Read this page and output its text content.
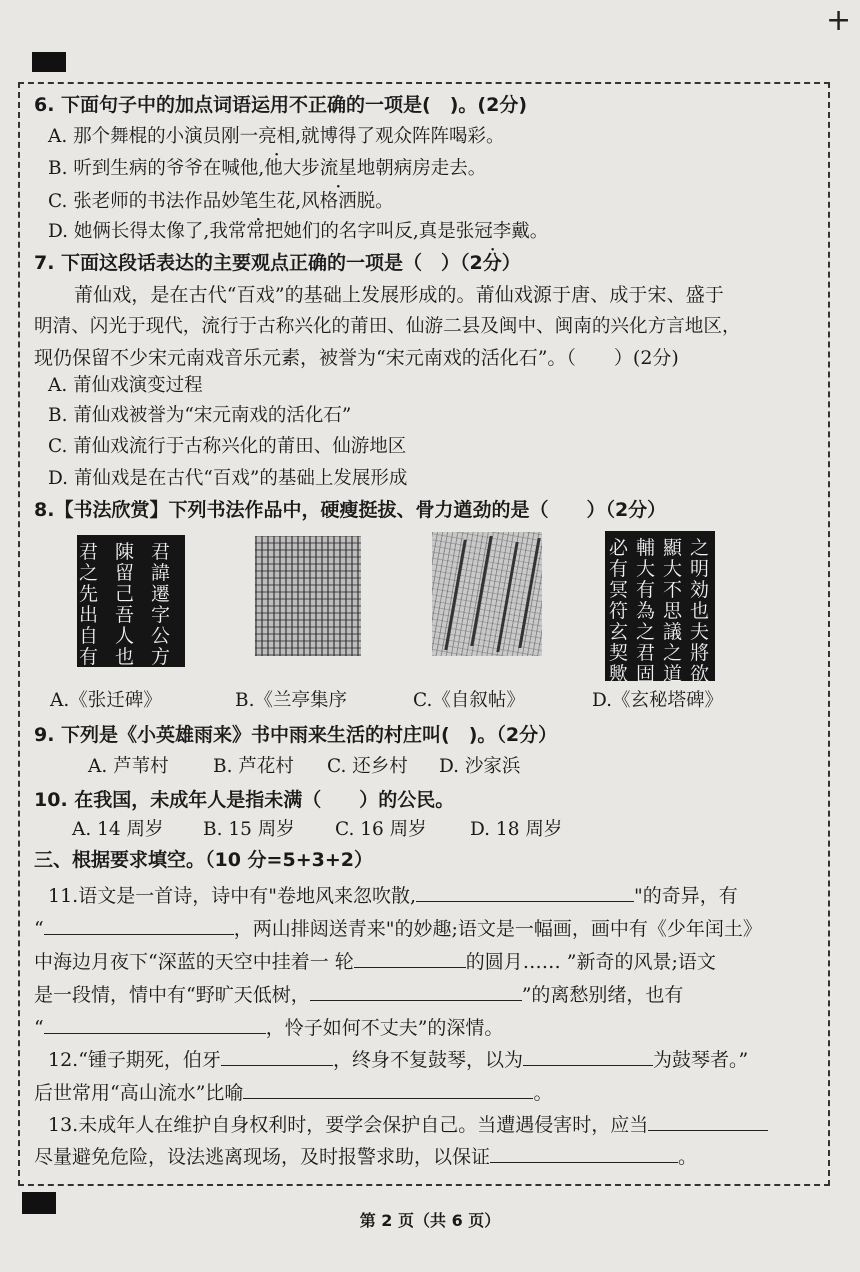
+
6. 下面句子中的加点词语运用不正确的一项是(　)。(2分)
A. 那个舞棍的小演员刚一亮相,就博得了观众阵阵喝彩。
B. 听到生病的爷爷在喊他,他大步流星地朝病房走去。
C. 张老师的书法作品妙笔生花,风格洒脱。
D. 她俩长得太像了,我常常把她们的名字叫反,真是张冠李戴。
7. 下面这段话表达的主要观点正确的一项是（　）（2分）
莆仙戏，是在古代“百戏”的基础上发展形成的。莆仙戏源于唐、成于宋、盛于
明清、闪光于现代，流行于古称兴化的莆田、仙游二县及闽中、闽南的兴化方言地区，
现仍保留不少宋元南戏音乐元素，被誉为“宋元南戏的活化石”。（　　）(2分)
A. 莆仙戏演变过程
B. 莆仙戏被誉为“宋元南戏的活化石”
C. 莆仙戏流行于古称兴化的莆田、仙游地区
D. 莆仙戏是在古代“百戏”的基础上发展形成
8.【书法欣赏】下列书法作品中，硬瘦挺拔、骨力遒劲的是（　　）（2分）
君
諱
遷
字
公
方
陳
留
己
吾
人
也
君
之
先
出
自
有
之
明
効
也
夫
將
欲
顯
大
不
思
議
之
道
輔
大
有
為
之
君
固
必
有
冥
符
玄
契
歟
A.《张迁碑》	B.《兰亭集序	C.《自叙帖》	D.《玄秘塔碑》
9. 下列是《小英雄雨来》书中雨来生活的村庄叫(　)。（2分）
A. 芦苇村 B. 芦花村 C. 还乡村 D. 沙家浜
10. 在我国，未成年人是指未满（　　）的公民。
A. 14 周岁 B. 15 周岁 C. 16 周岁 D. 18 周岁
三、根据要求填空。（10 分=5+3+2）
11.语文是一首诗，诗中有"卷地风来忽吹散,	"的奇异，有
“	，两山排闼送青来"的妙趣;语文是一幅画，画中有《少年闰土》
中海边月夜下“深蓝的天空中挂着一 轮	的圆月…… ”新奇的风景;语文
是一段情，情中有“野旷天低树，	”的离愁别绪，也有
“	，怜子如何不丈夫”的深情。
12.“锺子期死，伯牙	，终身不复鼓琴，以为	为鼓琴者。”
后世常用“高山流水”比喻	。
13.未成年人在维护自身权利时，要学会保护自己。当遭遇侵害时，应当
尽量避免危险，设法逃离现场，及时报警求助，以保证	。
第 2 页（共 6 页）
